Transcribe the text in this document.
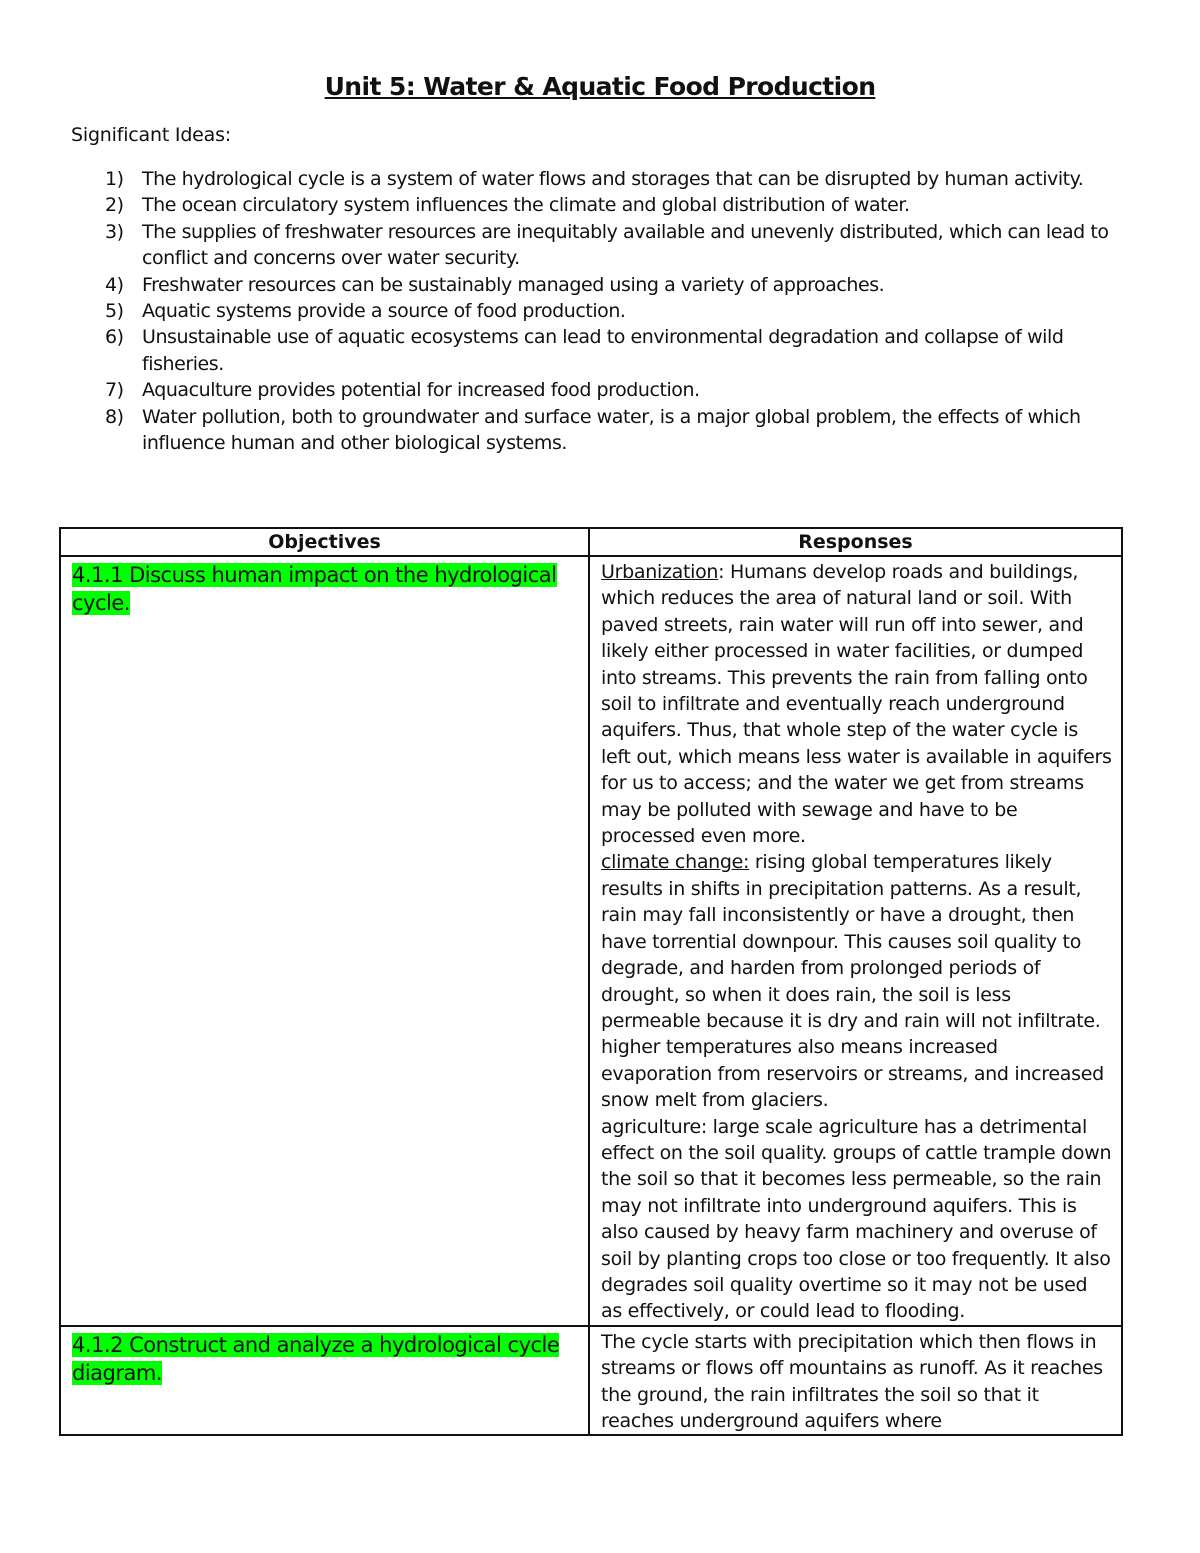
Unit 5: Water & Aquatic Food Production
Significant Ideas:
1) The hydrological cycle is a system of water flows and storages that can be disrupted by human activity.
2) The ocean circulatory system influences the climate and global distribution of water.
3) The supplies of freshwater resources are inequitably available and unevenly distributed, which can lead to conflict and concerns over water security.
4) Freshwater resources can be sustainably managed using a variety of approaches.
5) Aquatic systems provide a source of food production.
6) Unsustainable use of aquatic ecosystems can lead to environmental degradation and collapse of wild fisheries.
7) Aquaculture provides potential for increased food production.
8) Water pollution, both to groundwater and surface water, is a major global problem, the effects of which influence human and other biological systems.
Objectives	Responses
4.1.1 Discuss human impact on the hydrological cycle.	Urbanization: Humans develop roads and buildings, which reduces the area of natural land or soil. With paved streets, rain water will run off into sewer, and likely either processed in water facilities, or dumped into streams. This prevents the rain from falling onto soil to infiltrate and eventually reach underground aquifers. Thus, that whole step of the water cycle is left out, which means less water is available in aquifers for us to access; and the water we get from streams may be polluted with sewage and have to be processed even more.
climate change: rising global temperatures likely results in shifts in precipitation patterns. As a result, rain may fall inconsistently or have a drought, then have torrential downpour. This causes soil quality to degrade, and harden from prolonged periods of drought, so when it does rain, the soil is less permeable because it is dry and rain will not infiltrate. higher temperatures also means increased evaporation from reservoirs or streams, and increased snow melt from glaciers.
agriculture: large scale agriculture has a detrimental effect on the soil quality. groups of cattle trample down the soil so that it becomes less permeable, so the rain may not infiltrate into underground aquifers. This is also caused by heavy farm machinery and overuse of soil by planting crops too close or too frequently. It also degrades soil quality overtime so it may not be used as effectively, or could lead to flooding.
4.1.2 Construct and analyze a hydrological cycle diagram.	The cycle starts with precipitation which then flows in streams or flows off mountains as runoff. As it reaches the ground, the rain infiltrates the soil so that it reaches underground aquifers where
